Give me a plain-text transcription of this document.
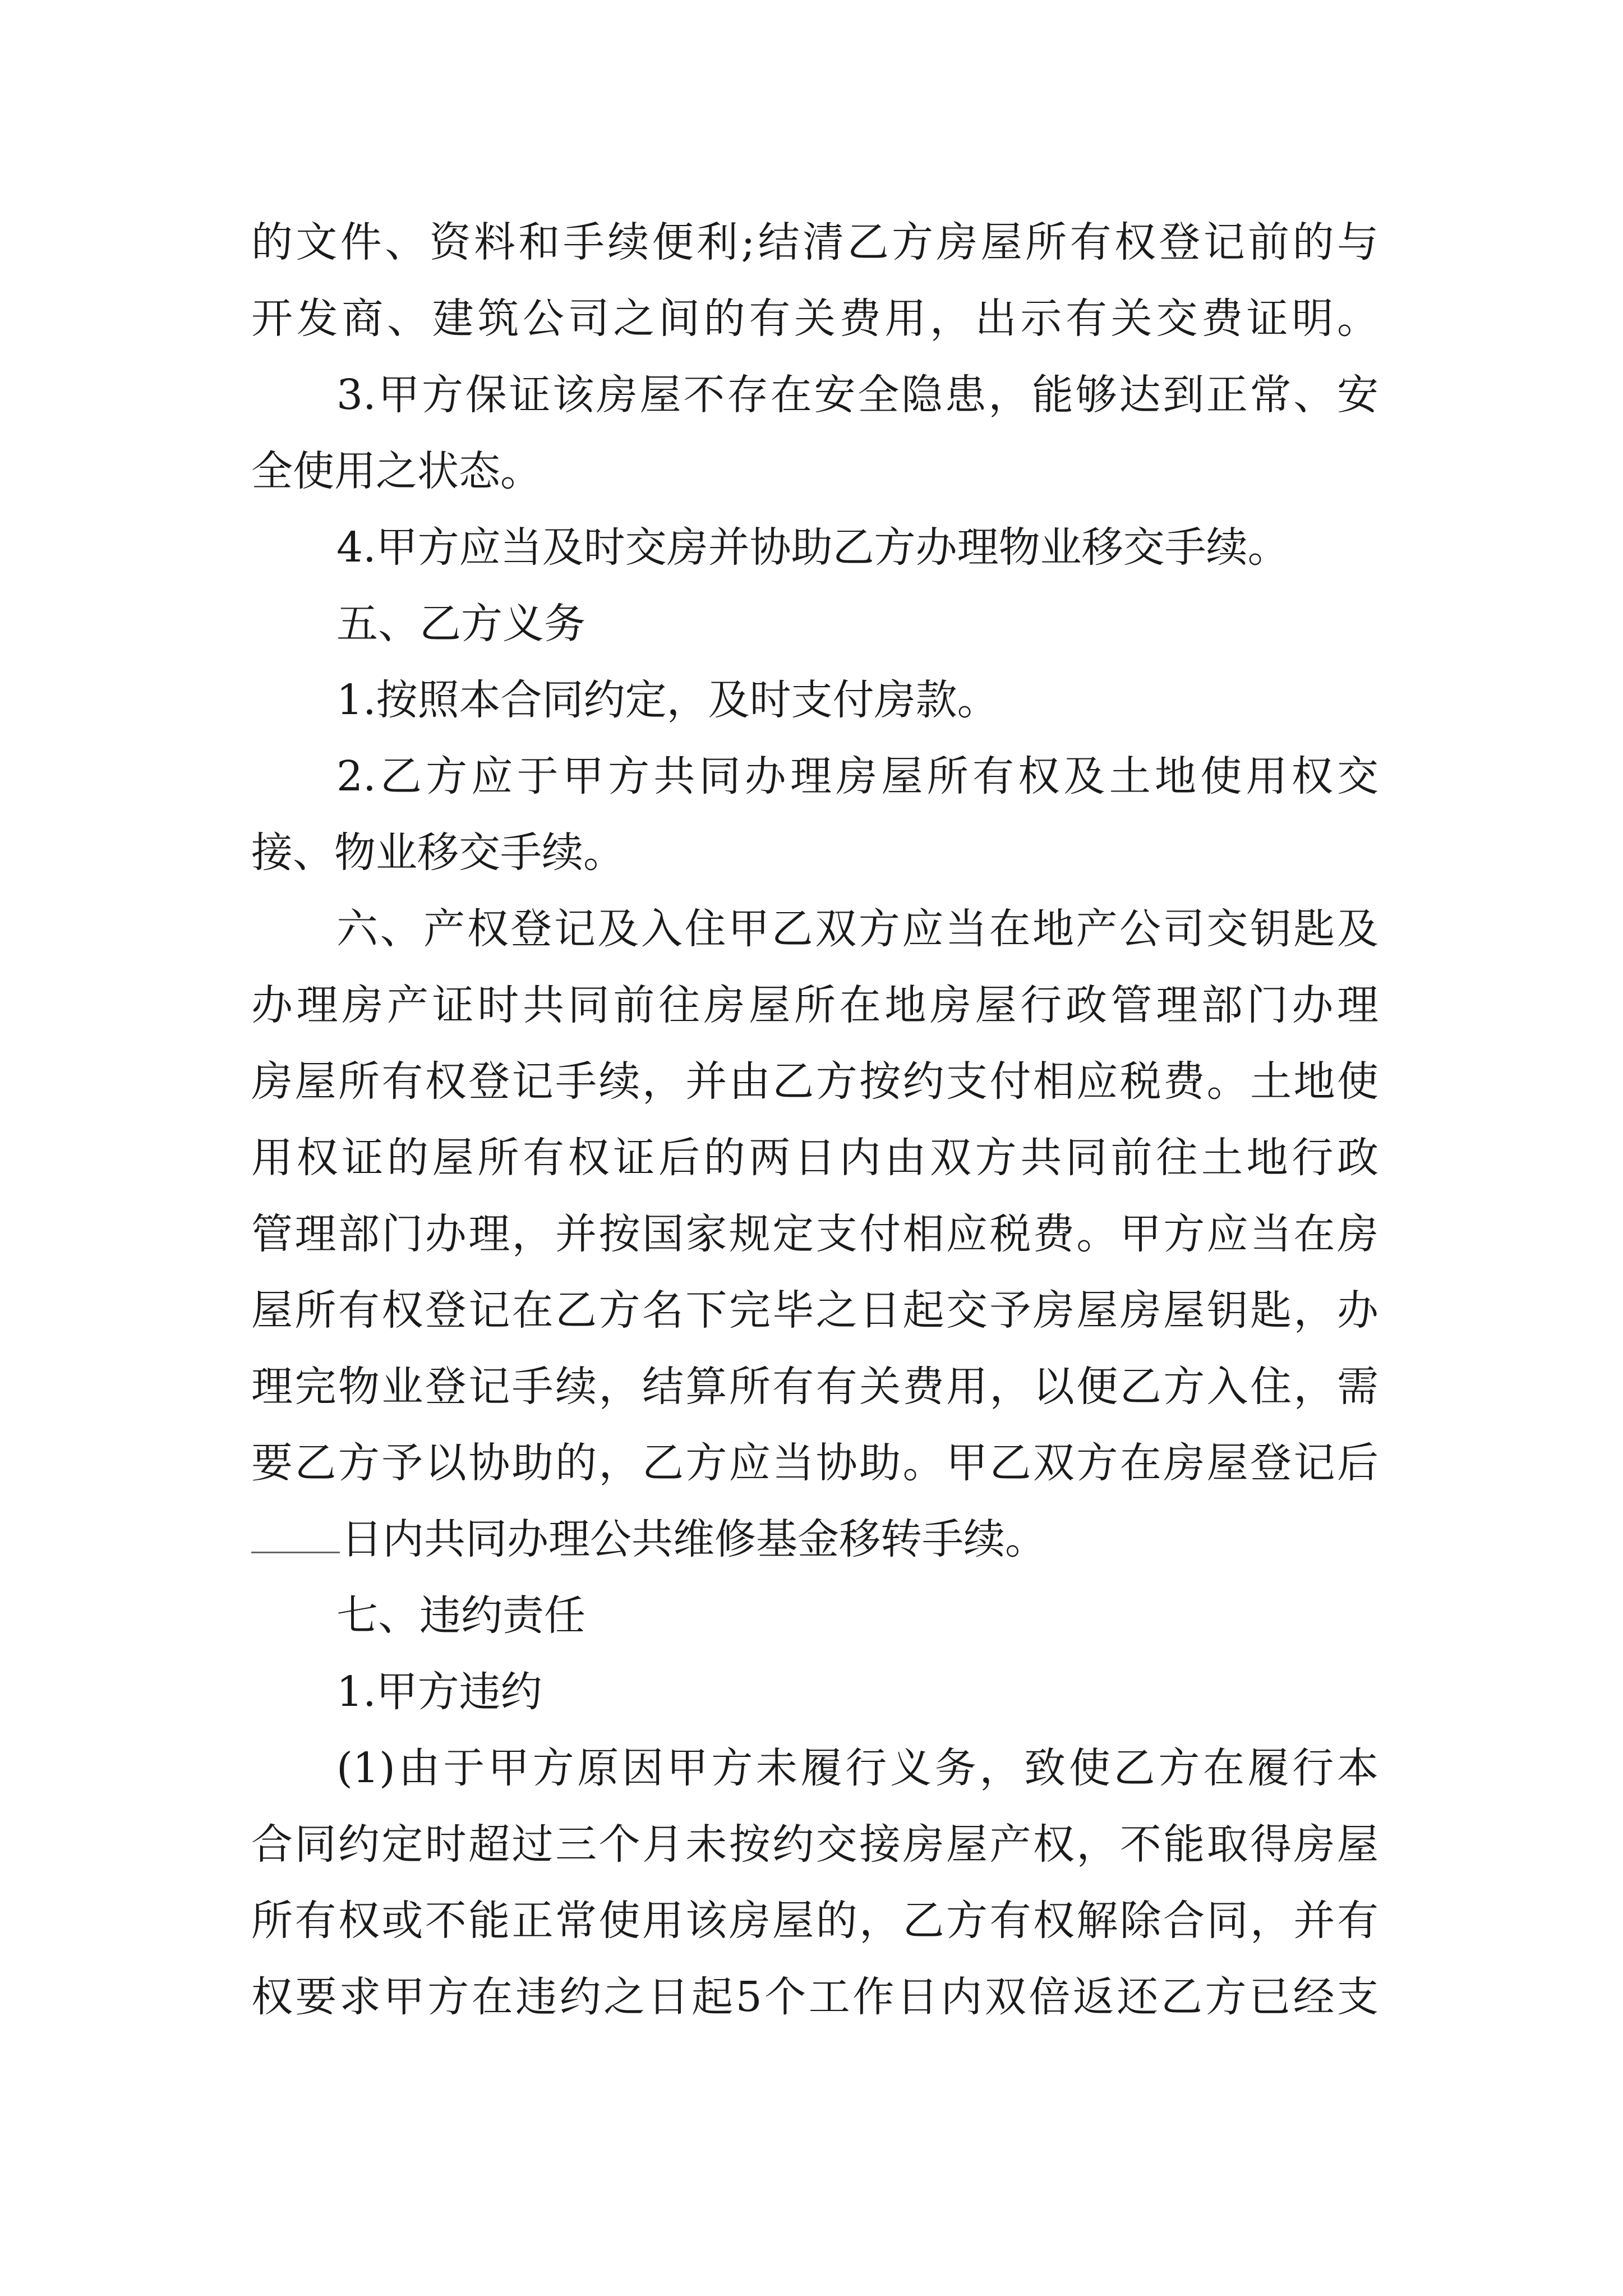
的文件、资料和手续便利;结清乙方房屋所有权登记前的与

开发商、建筑公司之间的有关费用，出示有关交费证明。

3.甲方保证该房屋不存在安全隐患，能够达到正常、安

全使用之状态。

4.甲方应当及时交房并协助乙方办理物业移交手续。

五、乙方义务

1.按照本合同约定，及时支付房款。

2.乙方应于甲方共同办理房屋所有权及土地使用权交

接、物业移交手续。

六、产权登记及入住甲乙双方应当在地产公司交钥匙及

办理房产证时共同前往房屋所在地房屋行政管理部门办理

房屋所有权登记手续，并由乙方按约支付相应税费。土地使

用权证的屋所有权证后的两日内由双方共同前往土地行政

管理部门办理，并按国家规定支付相应税费。甲方应当在房

屋所有权登记在乙方名下完毕之日起交予房屋房屋钥匙，办

理完物业登记手续，结算所有有关费用，以便乙方入住，需

要乙方予以协助的，乙方应当协助。甲乙双方在房屋登记后

日内共同办理公共维修基金移转手续。

七、违约责任

1.甲方违约

(1)由于甲方原因甲方未履行义务，致使乙方在履行本

合同约定时超过三个月未按约交接房屋产权，不能取得房屋

所有权或不能正常使用该房屋的，乙方有权解除合同，并有

权要求甲方在违约之日起5个工作日内双倍返还乙方已经支
